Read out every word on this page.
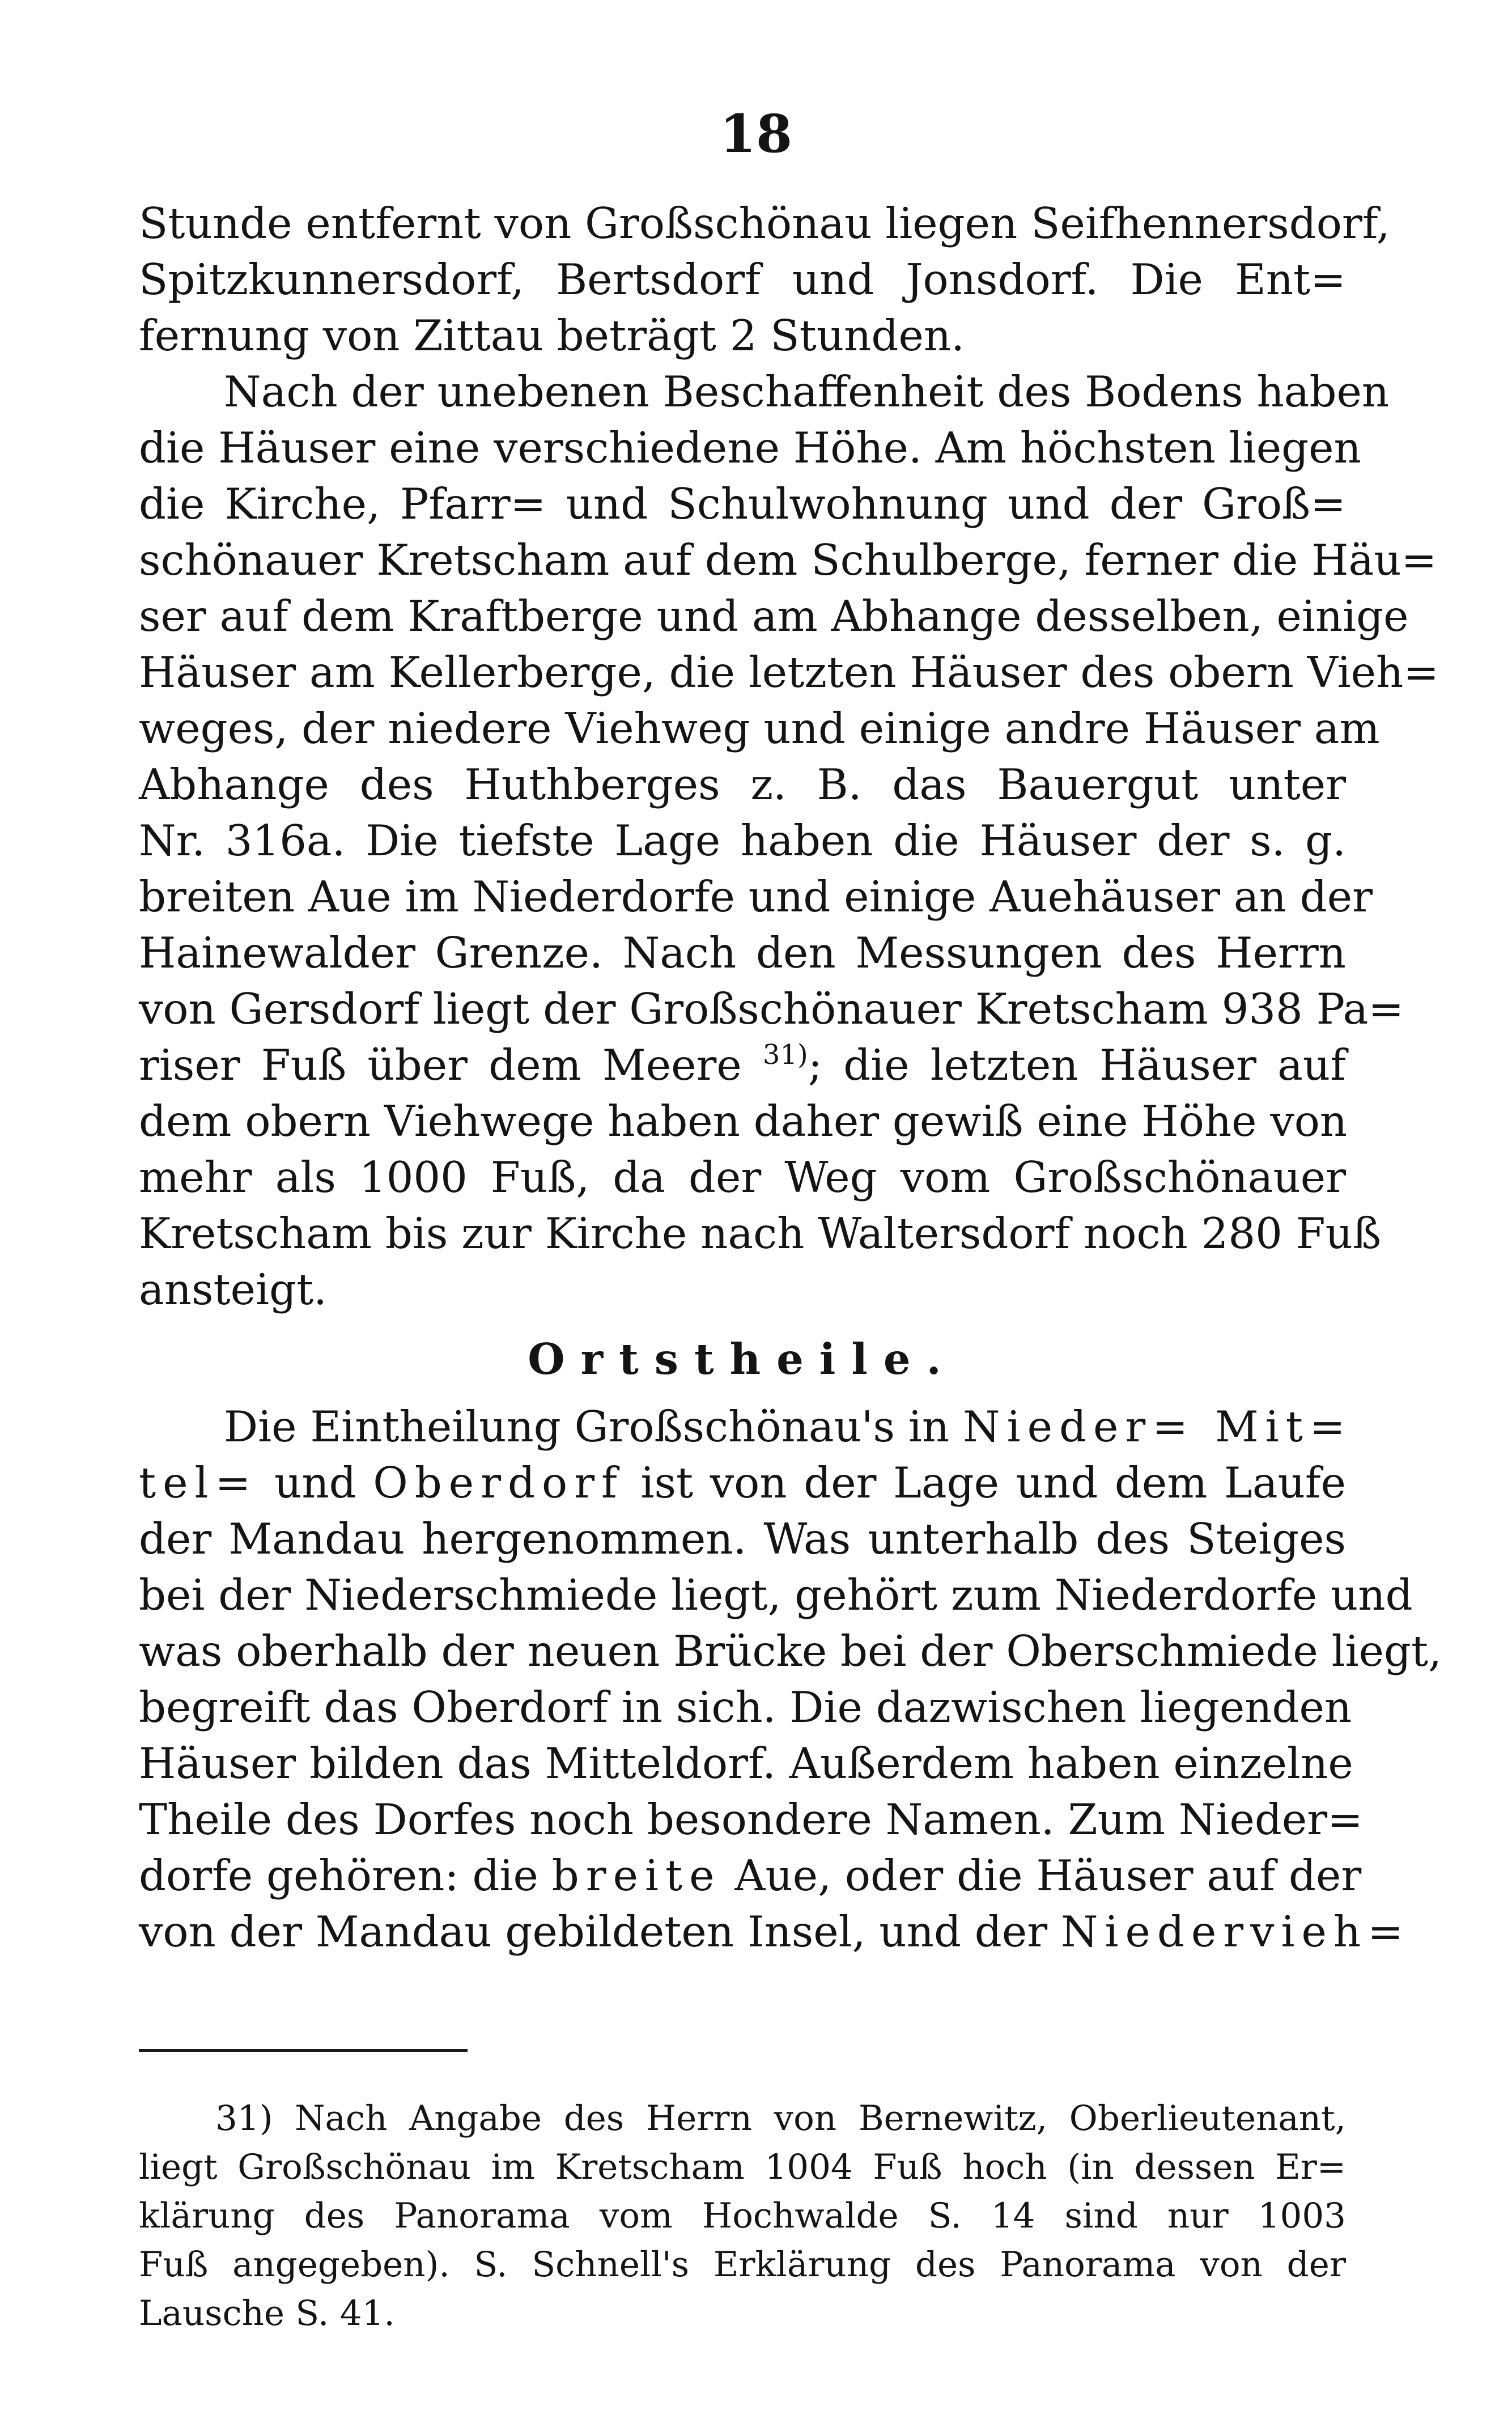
18
Stunde entfernt von Großschönau liegen Seifhennersdorf,
Spitzkunnersdorf, Bertsdorf und Jonsdorf. Die Ent=
fernung von Zittau beträgt 2 Stunden.
Nach der unebenen Beschaffenheit des Bodens haben
die Häuser eine verschiedene Höhe. Am höchsten liegen
die Kirche, Pfarr= und Schulwohnung und der Groß=
schönauer Kretscham auf dem Schulberge, ferner die Häu=
ser auf dem Kraftberge und am Abhange desselben, einige
Häuser am Kellerberge, die letzten Häuser des obern Vieh=
weges, der niedere Viehweg und einige andre Häuser am
Abhange des Huthberges z. B. das Bauergut unter
Nr. 316a. Die tiefste Lage haben die Häuser der s. g.
breiten Aue im Niederdorfe und einige Auehäuser an der
Hainewalder Grenze. Nach den Messungen des Herrn
von Gersdorf liegt der Großschönauer Kretscham 938 Pa=
riser Fuß über dem Meere $^{31)}$; die letzten Häuser auf
dem obern Viehwege haben daher gewiß eine Höhe von
mehr als 1000 Fuß, da der Weg vom Großschönauer
Kretscham bis zur Kirche nach Waltersdorf noch 280 Fuß
ansteigt.
Ortstheile.
Die Eintheilung Großschönau's in Nieder= Mit=
tel= und Oberdorf ist von der Lage und dem Laufe
der Mandau hergenommen. Was unterhalb des Steiges
bei der Niederschmiede liegt, gehört zum Niederdorfe und
was oberhalb der neuen Brücke bei der Oberschmiede liegt,
begreift das Oberdorf in sich. Die dazwischen liegenden
Häuser bilden das Mitteldorf. Außerdem haben einzelne
Theile des Dorfes noch besondere Namen. Zum Nieder=
dorfe gehören: die breite Aue, oder die Häuser auf der
von der Mandau gebildeten Insel, und der Niedervieh=
31) Nach Angabe des Herrn von Bernewitz, Oberlieutenant,
liegt Großschönau im Kretscham 1004 Fuß hoch (in dessen Er=
klärung des Panorama vom Hochwalde S. 14 sind nur 1003
Fuß angegeben). S. Schnell's Erklärung des Panorama von der
Lausche S. 41.
